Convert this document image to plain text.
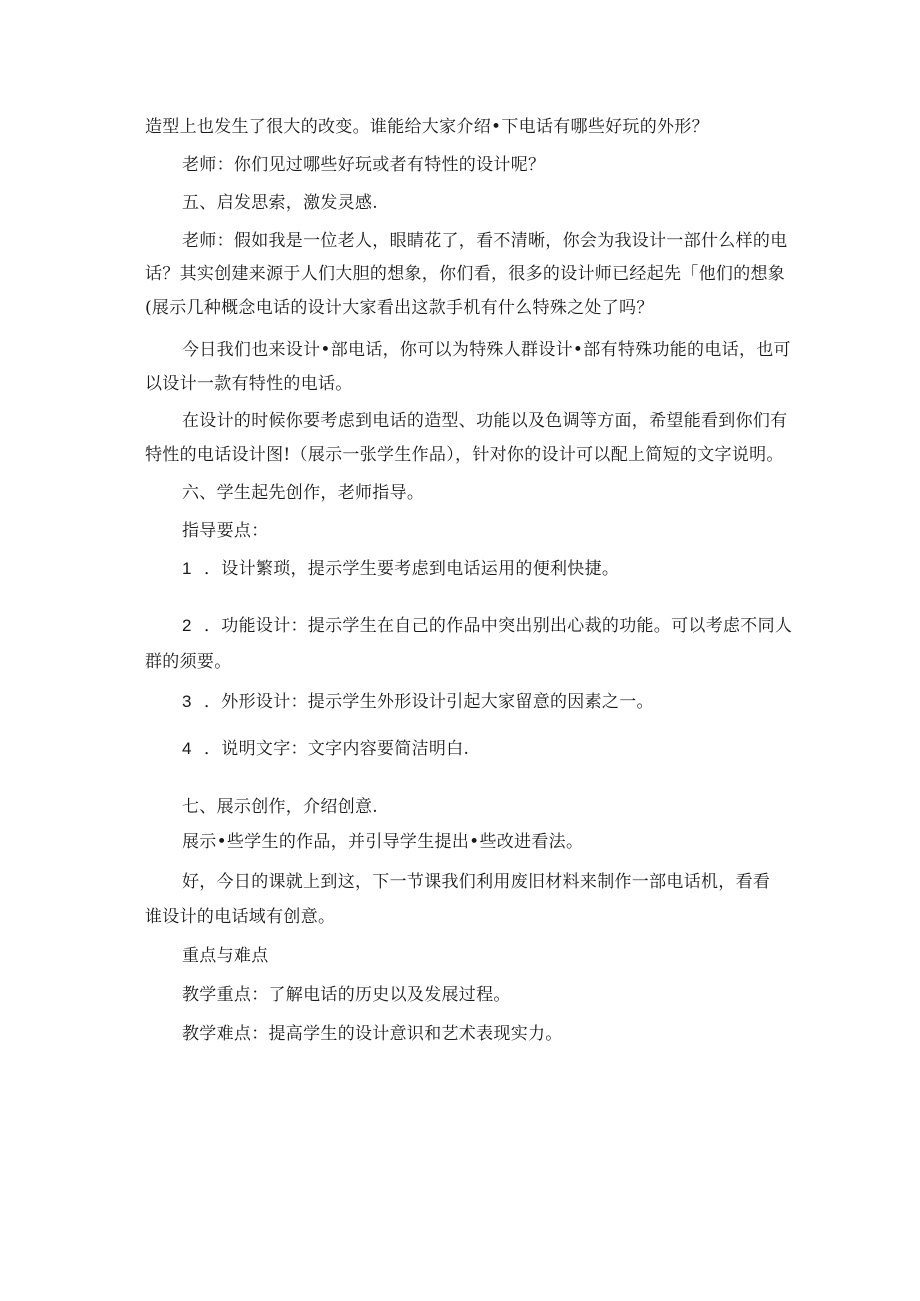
造型上也发生了很大的改变。谁能给大家介绍•下电话有哪些好玩的外形？
老师：你们见过哪些好玩或者有特性的设计呢？
五、启发思索，激发灵感.
老师：假如我是一位老人，眼睛花了，看不清晰，你会为我设计一部什么样的电
话？其实创建来源于人们大胆的想象，你们看，很多的设计师已经起先「他们的想象
(展示几种概念电话的设计大家看出这款手机有什么特殊之处了吗？
今日我们也来设计•部电话，你可以为特殊人群设计•部有特殊功能的电话，也可
以设计一款有特性的电话。
在设计的时候你要考虑到电话的造型、功能以及色调等方面，希望能看到你们有
特性的电话设计图!（展示一张学生作品），针对你的设计可以配上简短的文字说明。
六、学生起先创作，老师指导。
指导要点：
1 ．设计繁琐，提示学生要考虑到电话运用的便利快捷。
2 ．功能设计：提示学生在自己的作品中突出别出心裁的功能。可以考虑不同人
群的须要。
3 ．外形设计：提示学生外形设计引起大家留意的因素之一。
4 ．说明文字：文字内容要简洁明白.
七、展示创作，介绍创意.
展示•些学生的作品，并引导学生提出•些改进看法。
好，今日的课就上到这，下一节课我们利用废旧材料来制作一部电话机，看看
谁设计的电话域有创意。
重点与难点
教学重点：了解电话的历史以及发展过程。
教学难点：提高学生的设计意识和艺术表现实力。
